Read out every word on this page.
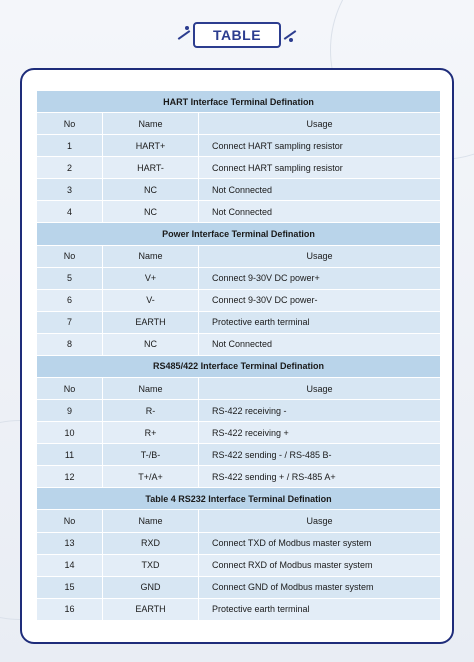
TABLE
HART Interface Terminal Defination		
No	Name	Usage
1	HART+	Connect HART sampling resistor
2	HART-	Connect HART sampling resistor
3	NC	Not Connected
4	NC	Not Connected
Power Interface Terminal Defination		
No	Name	Usage
5	V+	Connect 9-30V DC power+
6	V-	Connect 9-30V DC power-
7	EARTH	Protective earth terminal
8	NC	Not Connected
RS485/422 Interface Terminal Defination		
No	Name	Usage
9	R-	RS-422 receiving -
10	R+	RS-422 receiving +
11	T-/B-	RS-422 sending - / RS-485 B-
12	T+/A+	RS-422 sending + / RS-485 A+
Table 4 RS232 Interface Terminal Defination		
No	Name	Uasge
13	RXD	Connect TXD of Modbus master system
14	TXD	Connect RXD of Modbus master system
15	GND	Connect GND of Modbus master system
16	EARTH	Protective earth terminal
